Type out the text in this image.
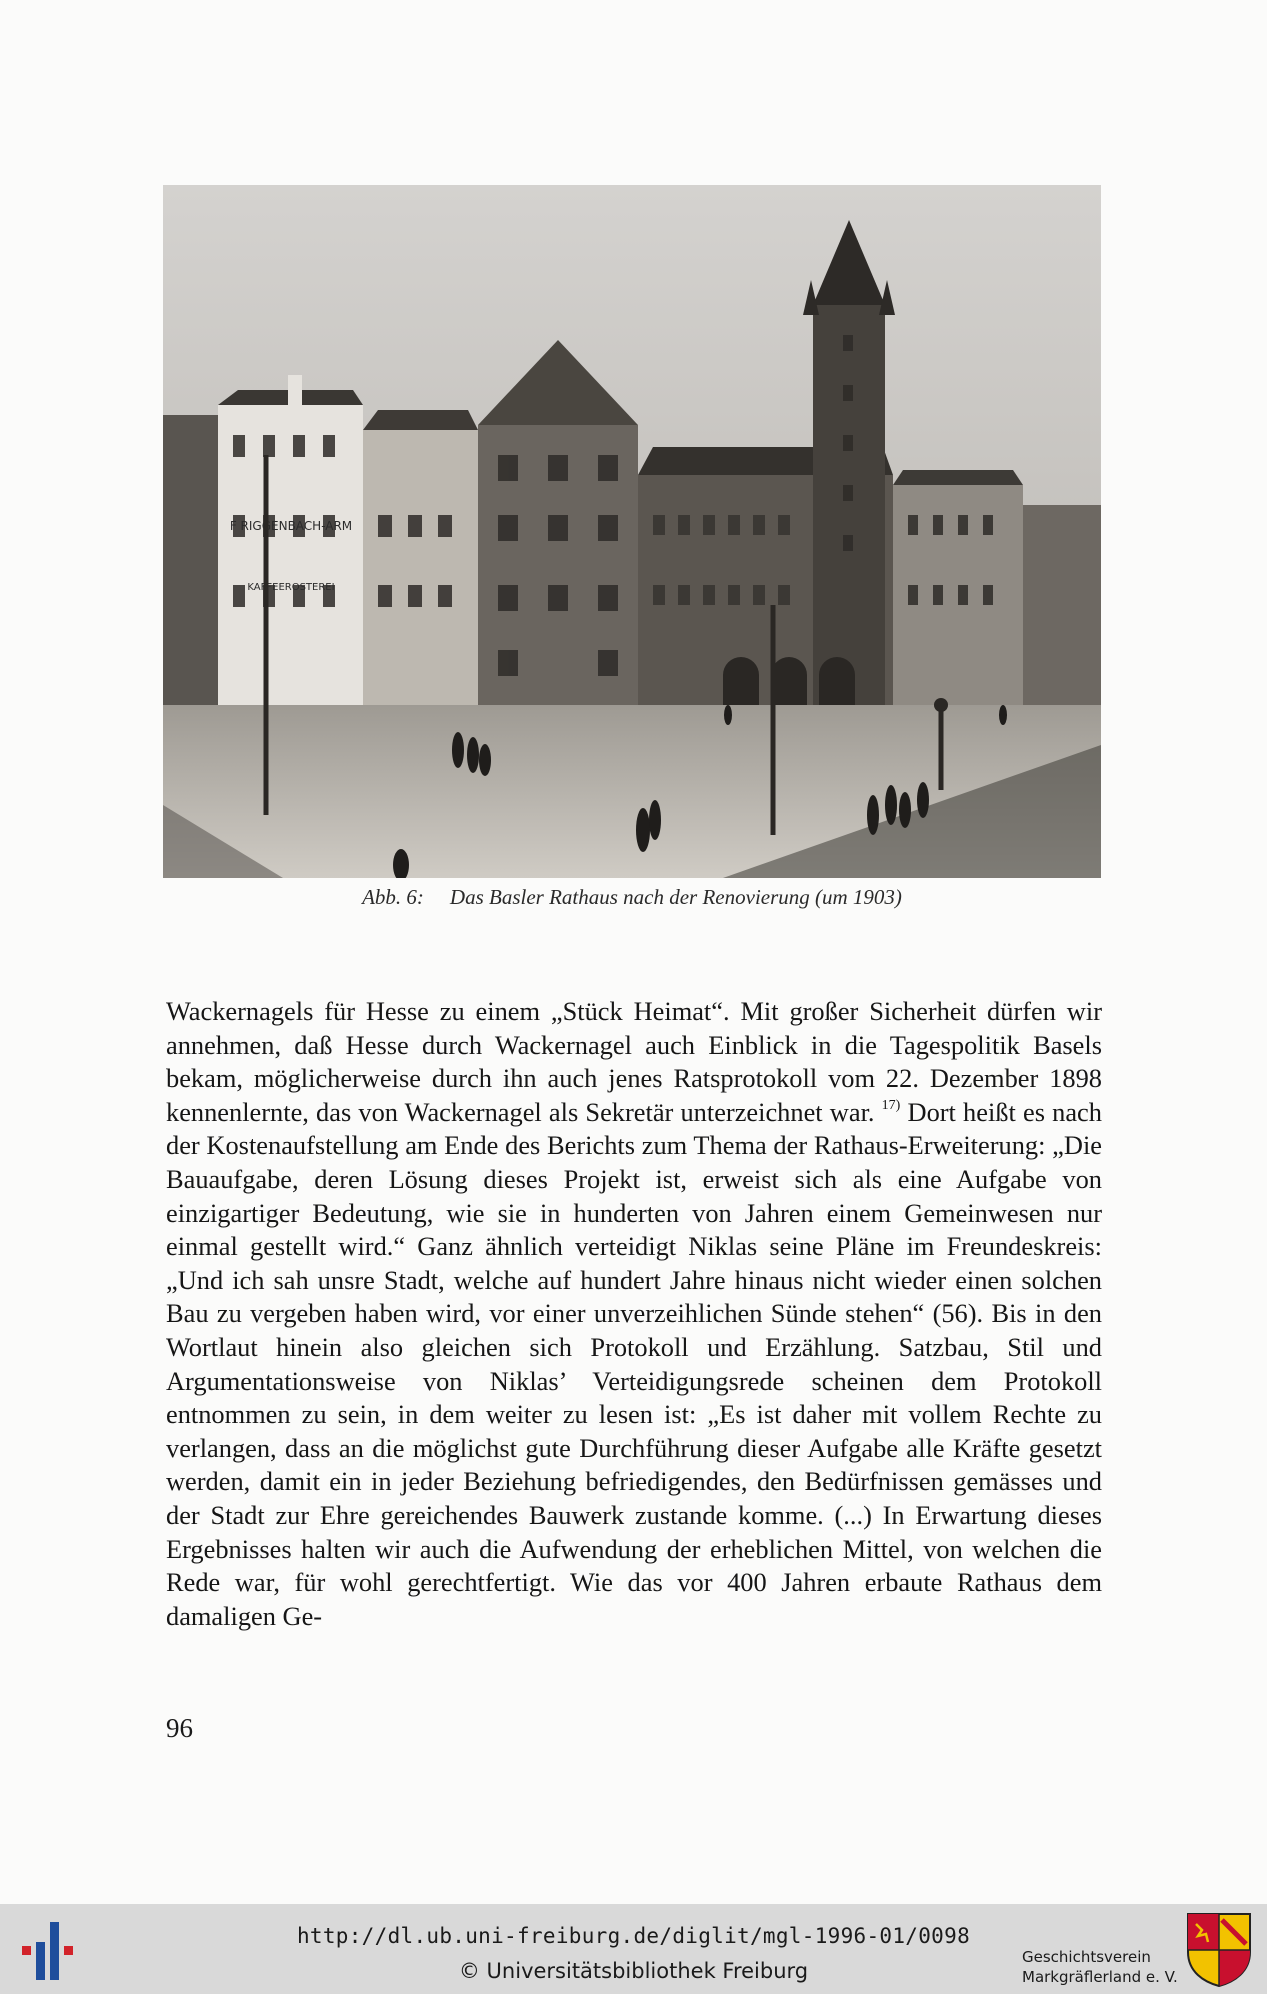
F RIGGENBACH-ARM
KAFFEEROSTEREI
Abb. 6: Das Basler Rathaus nach der Renovierung (um 1903)

Wackernagels für Hesse zu einem „Stück Heimat“. Mit großer Sicherheit dürfen wir annehmen, daß Hesse durch Wackernagel auch Einblick in die Tagespolitik Basels bekam, möglicherweise durch ihn auch jenes Ratsprotokoll vom 22. Dezember 1898 kennenlernte, das von Wackernagel als Sekretär unterzeichnet war. $^{17)}$ Dort heißt es nach der Kostenaufstellung am Ende des Berichts zum Thema der Rathaus-Erweiterung: „Die Bauaufgabe, deren Lösung dieses Projekt ist, erweist sich als eine Aufgabe von einzigartiger Bedeutung, wie sie in hunderten von Jahren einem Gemeinwesen nur einmal gestellt wird.“ Ganz ähnlich verteidigt Niklas seine Pläne im Freundeskreis: „Und ich sah unsre Stadt, welche auf hundert Jahre hinaus nicht wieder einen solchen Bau zu vergeben haben wird, vor einer unverzeihlichen Sünde stehen“ (56). Bis in den Wortlaut hinein also gleichen sich Protokoll und Erzählung. Satzbau, Stil und Argumentationsweise von Niklas’ Verteidigungsrede scheinen dem Protokoll entnommen zu sein, in dem weiter zu lesen ist: „Es ist daher mit vollem Rechte zu verlangen, dass an die möglichst gute Durchführung dieser Aufgabe alle Kräfte gesetzt werden, damit ein in jeder Beziehung befriedigendes, den Bedürfnissen gemässes und der Stadt zur Ehre gereichendes Bauwerk zustande komme. (...) In Erwartung dieses Ergebnisses halten wir auch die Aufwendung der erheblichen Mittel, von welchen die Rede war, für wohl gerechtfertigt. Wie das vor 400 Jahren erbaute Rathaus dem damaligen Ge-

96
http://dl.ub.uni-freiburg.de/diglit/mgl-1996-01/0098
© Universitätsbibliothek Freiburg
Geschichtsverein
Markgräflerland e. V.
